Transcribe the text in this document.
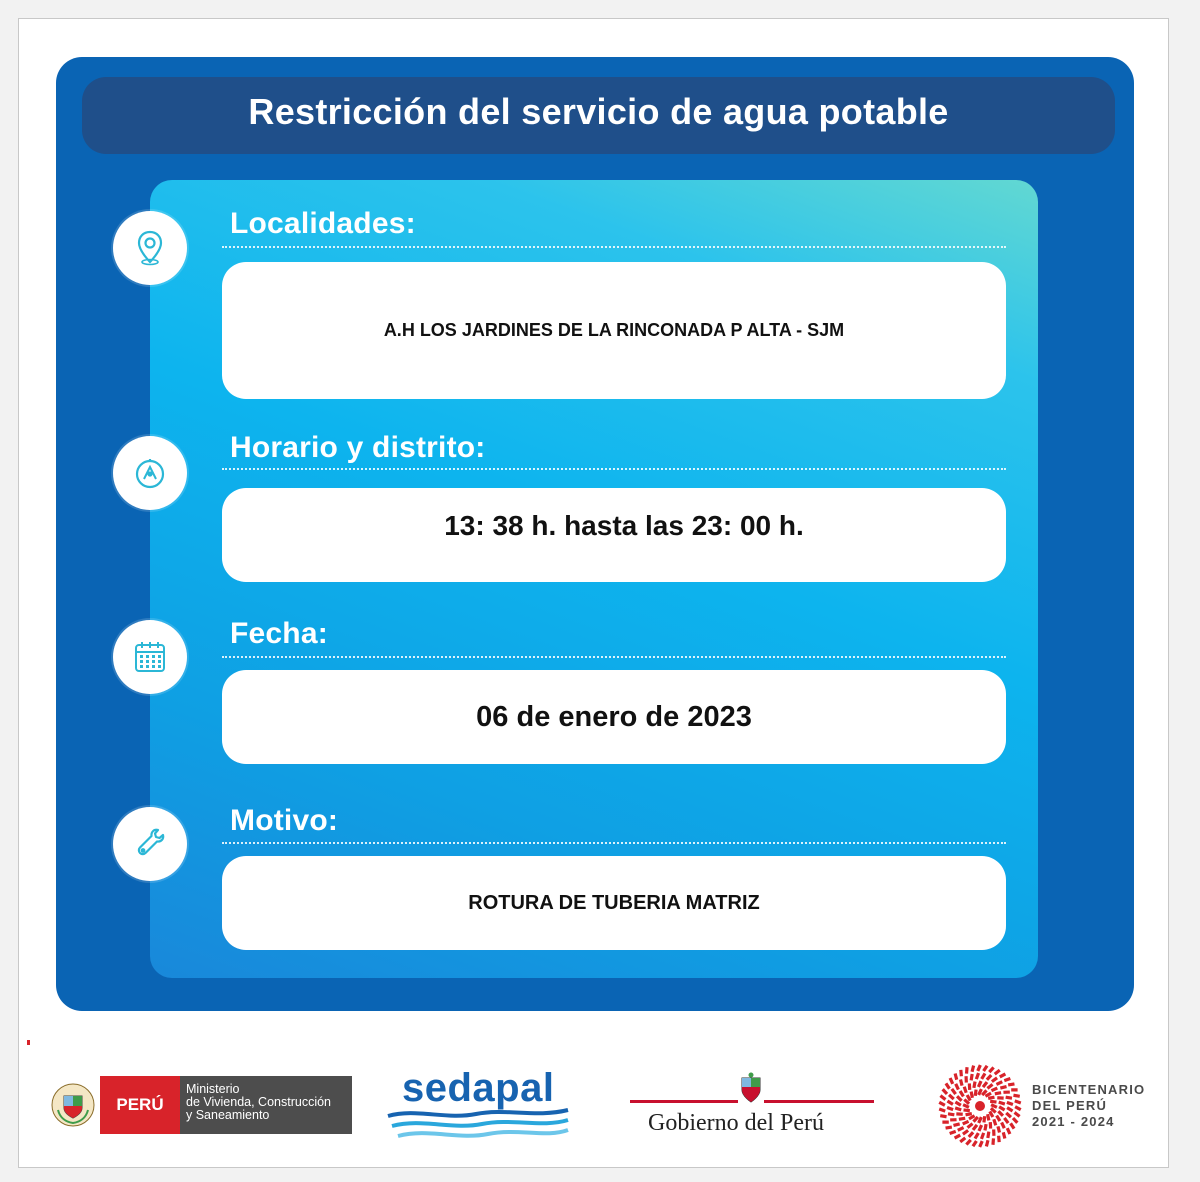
Restricción del servicio de agua potable
Localidades:
A.H LOS JARDINES DE LA RINCONADA P ALTA - SJM
Horario y distrito:
13: 38 h. hasta las 23: 00 h.
Fecha:
06 de enero de 2023
Motivo:
ROTURA DE TUBERIA MATRIZ
PERÚ
Ministerio
de Vivienda, Construcción
y Saneamiento
sedapal
Gobierno del Perú
BICENTENARIO
DEL PERÚ
2021 - 2024
